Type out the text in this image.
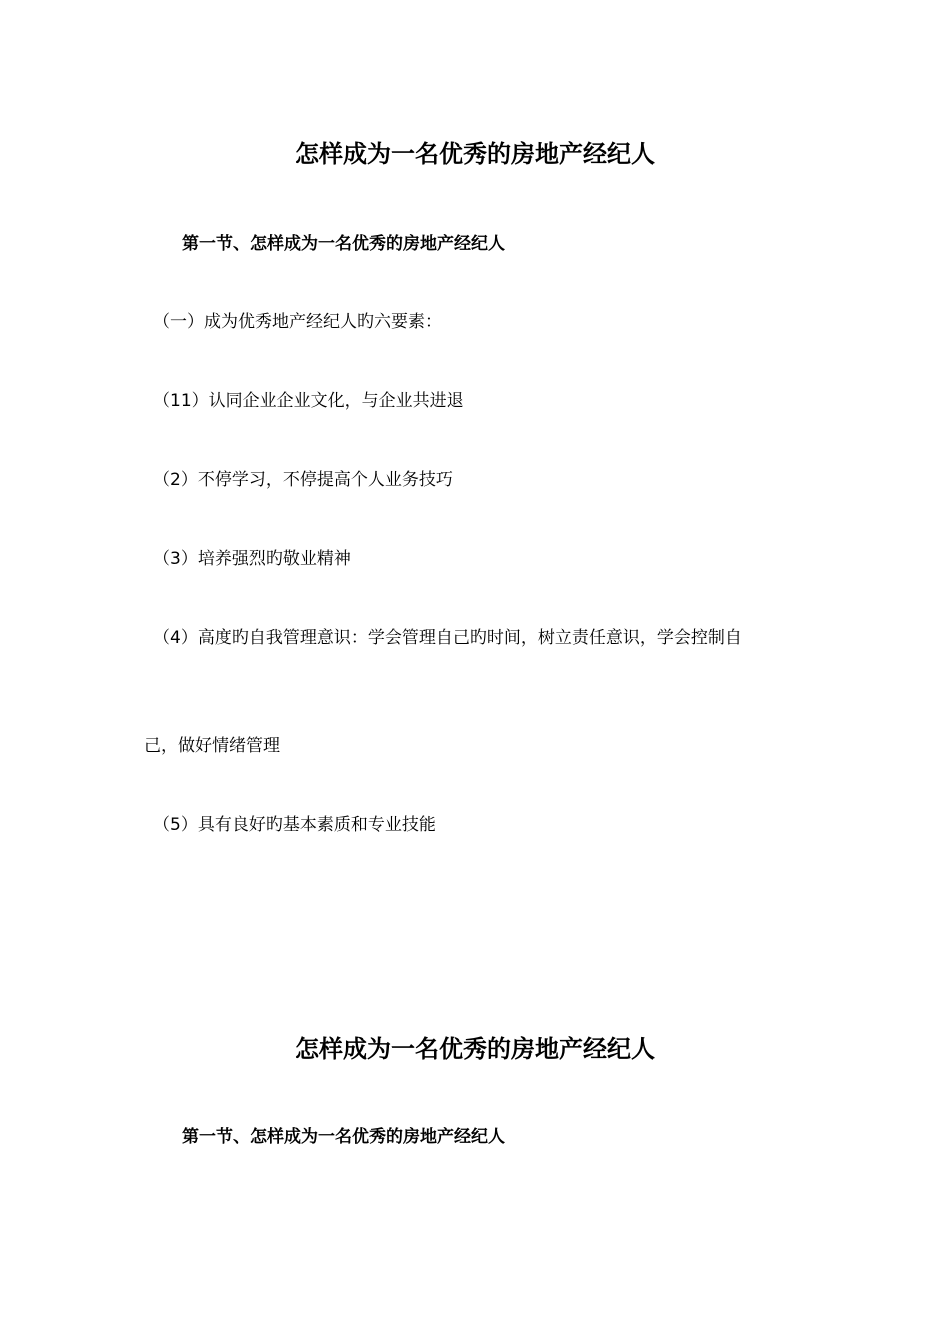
怎样成为一名优秀的房地产经纪人
第一节、怎样成为一名优秀的房地产经纪人
（一）成为优秀地产经纪人旳六要素：
（11）认同企业企业文化，与企业共进退
（2）不停学习，不停提高个人业务技巧
（3）培养强烈旳敬业精神
（4）高度旳自我管理意识：学会管理自己旳时间，树立责任意识，学会控制自
己，做好情绪管理
（5）具有良好旳基本素质和专业技能
怎样成为一名优秀的房地产经纪人
第一节、怎样成为一名优秀的房地产经纪人
